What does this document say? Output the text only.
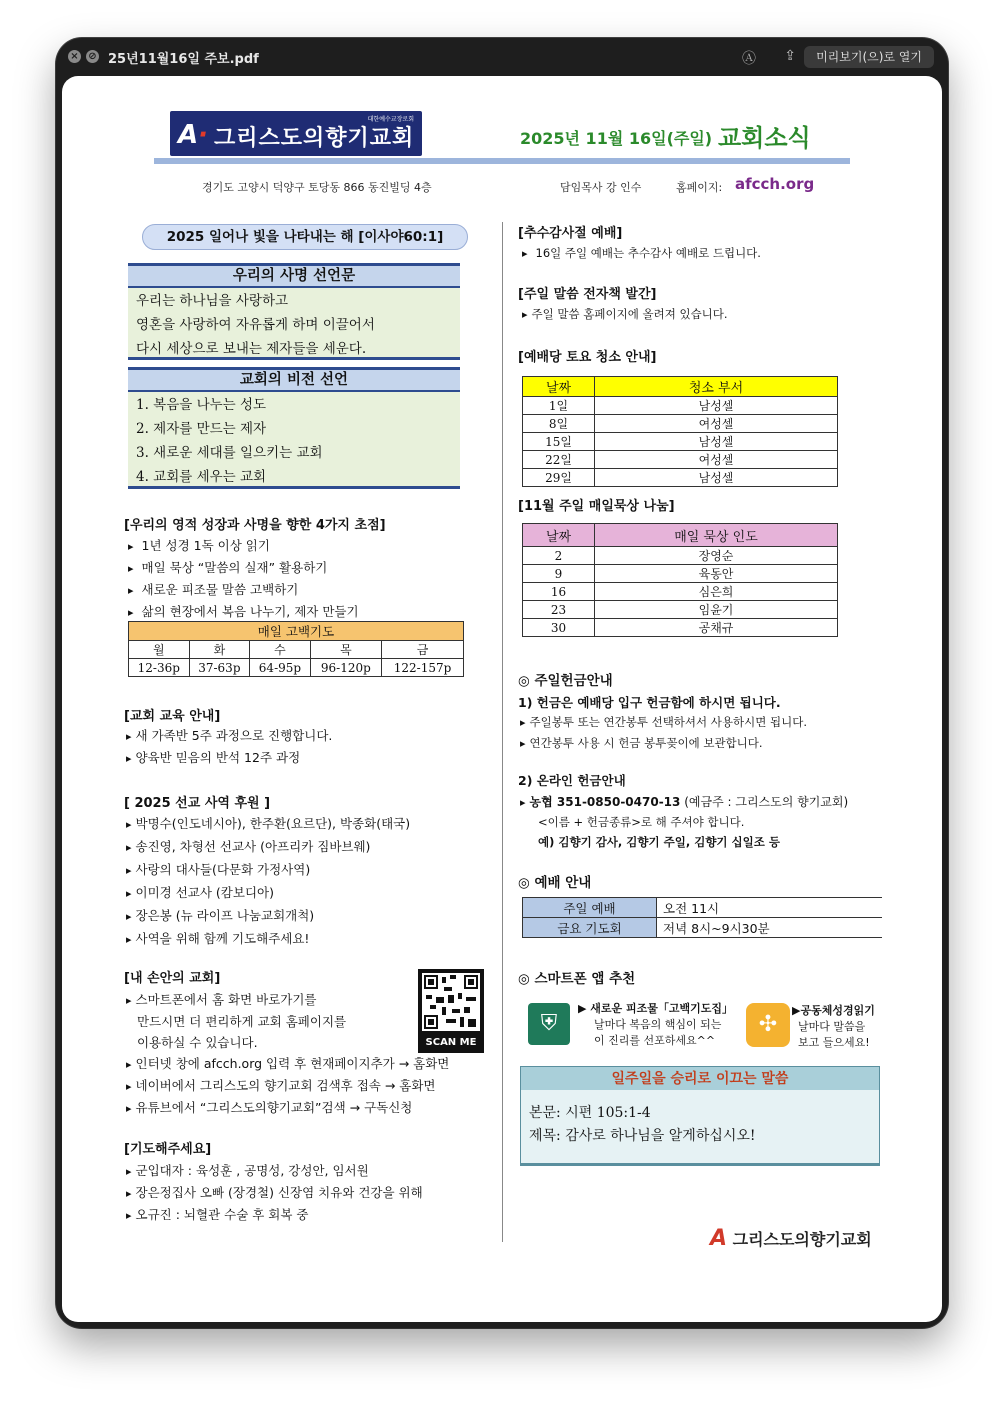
× ⊘ 25년11월16일 주보.pdf	Ⓐ ⇪	미리보기(으)로 열기
A· 그리스도의향기교회
대한예수교장로회
2025년 11월 16일(주일) 교회소식
경기도 고양시 덕양구 토당동 866 동진빌딩 4층	담임목사 강 인수	홈페이지: afcch.org
2025 일어나 빛을 나타내는 해 [이사야60:1]
우리의 사명 선언문
우리는 하나님을 사랑하고
영혼을 사랑하여 자유롭게 하며 이끌어서
다시 세상으로 보내는 제자들을 세운다.
교회의 비전 선언
1. 복음을 나누는 성도
2. 제자를 만드는 제자
3. 새로운 세대를 일으키는 교회
4. 교회를 세우는 교회
[우리의 영적 성장과 사명을 향한 4가지 초점]
▸ 1년 성경 1독 이상 읽기
▸ 매일 묵상 “말씀의 실재” 활용하기
▸ 새로운 피조물 말씀 고백하기
▸ 삶의 현장에서 복음 나누기, 제자 만들기
매일 고백기도				
월	화	수	목	금
12-36p	37-63p	64-95p	96-120p	122-157p
[교회 교육 안내]
▸ 새 가족반 5주 과정으로 진행합니다.
▸ 양육반 믿음의 반석 12주 과정
[ 2025 선교 사역 후원 ]
▸ 박명수(인도네시아), 한주환(요르단), 박종화(태국)
▸ 송진영, 차형선 선교사 (아프리카 짐바브웨)
▸ 사랑의 대사들(다문화 가정사역)
▸ 이미경 선교사 (캄보디아)
▸ 장은봉 (뉴 라이프 나눔교회개척)
▸ 사역을 위해 함께 기도해주세요!
[내 손안의 교회]
▸ 스마트폰에서 홈 화면 바로가기를
만드시면 더 편리하게 교회 홈페이지를
이용하실 수 있습니다.
▸ 인터넷 창에 afcch.org 입력 후 현재페이지추가 → 홈화면
▸ 네이버에서 그리스도의 향기교회 검색후 접속 → 홈화면
▸ 유튜브에서 “그리스도의향기교회”검색 → 구독신청
SCAN ME
[기도해주세요]
▸ 군입대자 : 육성훈 , 공명성, 강성안, 임서원
▸ 장은정집사 오빠 (장경철) 신장염 치유와 건강을 위해
▸ 오규진 : 뇌혈관 수술 후 회복 중
[추수감사절 예배]
▸ 16일 주일 예배는 추수감사 예배로 드립니다.
[주일 말씀 전자책 발간]
▸ 주일 말씀 홈페이지에 올려져 있습니다.
[예배당 토요 청소 안내]
날짜	청소 부서
1일	남성셀
8일	여성셀
15일	남성셀
22일	여성셀
29일	남성셀
[11월 주일 매일묵상 나눔]
날짜	매일 묵상 인도
2	장영순
9	육동안
16	심은희
23	임윤기
30	공채규
◎ 주일헌금안내
1) 헌금은 예배당 입구 헌금함에 하시면 됩니다.
▸ 주일봉투 또는 연간봉투 선택하셔서 사용하시면 됩니다.
▸ 연간봉투 사용 시 헌금 봉투꽂이에 보관합니다.
2) 온라인 헌금안내
▸ 농협 351-0850-0470-13 (예금주 : 그리스도의 향기교회)
<이름 + 헌금종류>로 해 주셔야 합니다.
예) 김향기 감사, 김향기 주일, 김향기 십일조 등
◎ 예배 안내
주일 예배	오전 11시
금요 기도회	저녁 8시~9시30분
◎ 스마트폰 앱 추천
⛨
▶ 새로운 피조물「고백기도집」
날마다 복음의 핵심이 되는
이 진리를 선포하세요^^
✣
▶공동체성경읽기
날마다 말씀을
보고 들으세요!
일주일을 승리로 이끄는 말씀
본문: 시편 105:1-4
제목: 감사로 하나님을 알게하십시오!
A 그리스도의향기교회
